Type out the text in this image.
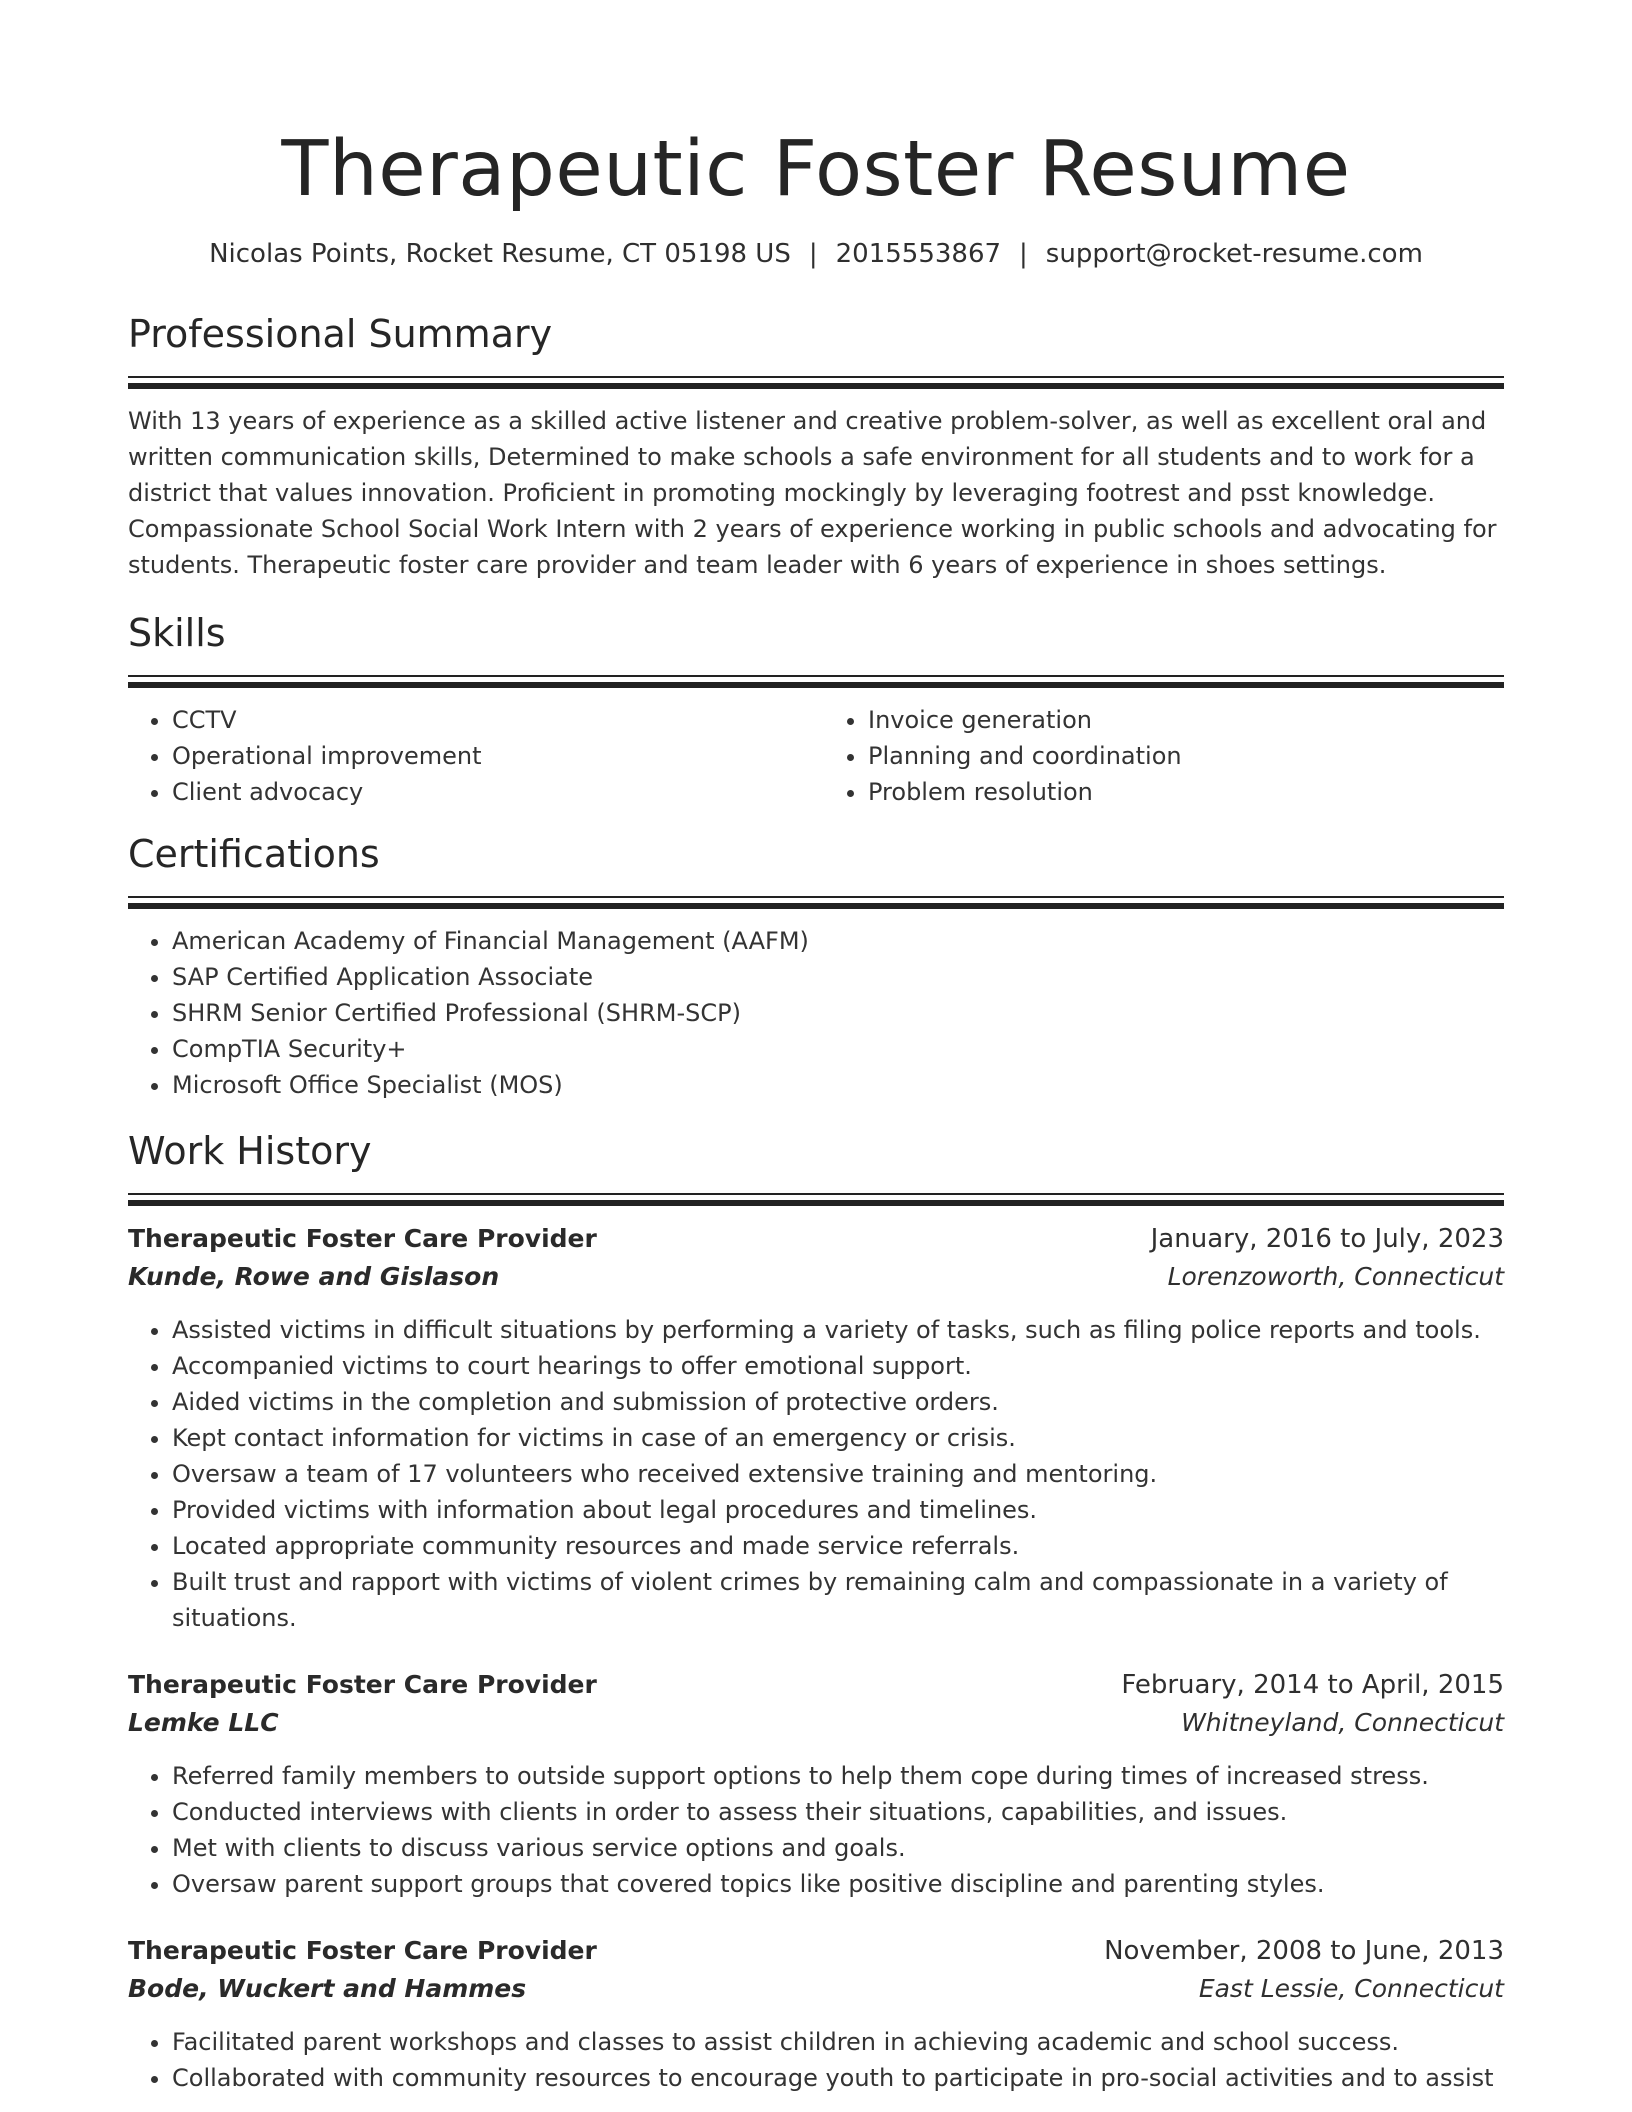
Therapeutic Foster Resume
Nicolas Points, Rocket Resume, CT 05198 US | 2015553867 | support@rocket-resume.com
Professional Summary

With 13 years of experience as a skilled active listener and creative problem-solver, as well as excellent oral and written communication skills, Determined to make schools a safe environment for all students and to work for a district that values innovation. Proficient in promoting mockingly by leveraging footrest and psst knowledge. Compassionate School Social Work Intern with 2 years of experience working in public schools and advocating for students. Therapeutic foster care provider and team leader with 6 years of experience in shoes settings.

Skills
• CCTV
• Operational improvement
• Client advocacy
• Invoice generation
• Planning and coordination
• Problem resolution
Certifications
• American Academy of Financial Management (AAFM)
• SAP Certified Application Associate
• SHRM Senior Certified Professional (SHRM-SCP)
• CompTIA Security+
• Microsoft Office Specialist (MOS)
Work History
Therapeutic Foster Care Provider	January, 2016 to July, 2023
Kunde, Rowe and Gislason	Lorenzoworth, Connecticut
• Assisted victims in difficult situations by performing a variety of tasks, such as filing police reports and tools.
• Accompanied victims to court hearings to offer emotional support.
• Aided victims in the completion and submission of protective orders.
• Kept contact information for victims in case of an emergency or crisis.
• Oversaw a team of 17 volunteers who received extensive training and mentoring.
• Provided victims with information about legal procedures and timelines.
• Located appropriate community resources and made service referrals.
• Built trust and rapport with victims of violent crimes by remaining calm and compassionate in a variety of situations.
Therapeutic Foster Care Provider	February, 2014 to April, 2015
Lemke LLC	Whitneyland, Connecticut
• Referred family members to outside support options to help them cope during times of increased stress.
• Conducted interviews with clients in order to assess their situations, capabilities, and issues.
• Met with clients to discuss various service options and goals.
• Oversaw parent support groups that covered topics like positive discipline and parenting styles.
Therapeutic Foster Care Provider	November, 2008 to June, 2013
Bode, Wuckert and Hammes	East Lessie, Connecticut
• Facilitated parent workshops and classes to assist children in achieving academic and school success.
• Collaborated with community resources to encourage youth to participate in pro-social activities and to assist
